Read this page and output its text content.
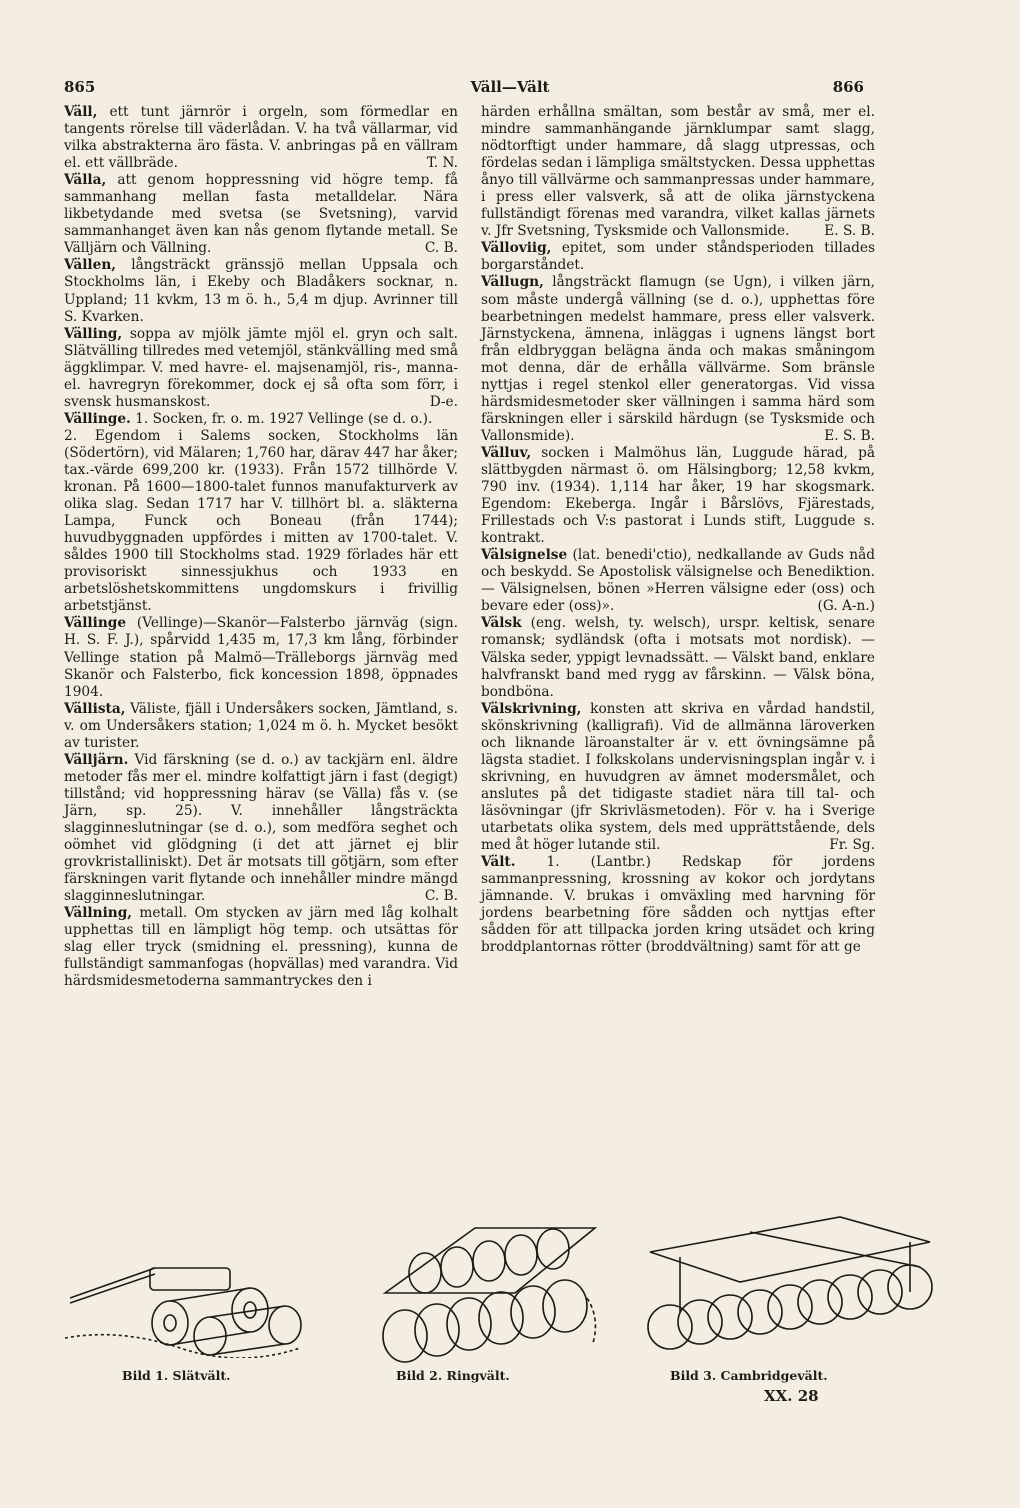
865	Väll—Vält	866

Väll, ett tunt järnrör i orgeln, som förmedlar en tangents rörelse till väderlådan. V. ha två vällarmar, vid vilka abstrakterna äro fästa. V. anbringas på en vällram el. ett vällbräde.	T. N.

Välla, att genom hoppressning vid högre temp. få sammanhang mellan fasta metalldelar. Nära likbetydande med svetsa (se Svetsning), varvid sammanhanget även kan nås genom flytande metall. Se Välljärn och Vällning.	C. B.

Vällen, långsträckt gränssjö mellan Uppsala och Stockholms län, i Ekeby och Bladåkers socknar, n. Uppland; 11 kvkm, 13 m ö. h., 5,4 m djup. Avrinner till S. Kvarken.

Välling, soppa av mjölk jämte mjöl el. gryn och salt. Slätvälling tillredes med vetemjöl, stänkvälling med små äggklimpar. V. med havre- el. majsenamjöl, ris-, manna- el. havregryn förekommer, dock ej så ofta som förr, i svensk husmanskost.	D-e.

Vällinge. 1. Socken, fr. o. m. 1927 Vellinge (se d. o.).

2. Egendom i Salems socken, Stockholms län (Södertörn), vid Mälaren; 1,760 har, därav 447 har åker; tax.-värde 699,200 kr. (1933). Från 1572 tillhörde V. kronan. På 1600—1800-talet funnos manufakturverk av olika slag. Sedan 1717 har V. tillhört bl. a. släkterna Lampa, Funck och Boneau (från 1744); huvudbyggnaden uppfördes i mitten av 1700-talet. V. såldes 1900 till Stockholms stad. 1929 förlades här ett provisoriskt sinnessjukhus och 1933 en arbetslöshetskommittens ungdomskurs i frivillig arbetstjänst.

Vällinge (Vellinge)—Skanör—Falsterbo järnväg (sign. H. S. F. J.), spårvidd 1,435 m, 17,3 km lång, förbinder Vellinge station på Malmö—Trälleborgs järnväg med Skanör och Falsterbo, fick koncession 1898, öppnades 1904.

Vällista, Väliste, fjäll i Undersåkers socken, Jämtland, s. v. om Undersåkers station; 1,024 m ö. h. Mycket besökt av turister.

Välljärn. Vid färskning (se d. o.) av tackjärn enl. äldre metoder fås mer el. mindre kolfattigt järn i fast (degigt) tillstånd; vid hoppressning härav (se Välla) fås v. (se Järn, sp. 25). V. innehåller långsträckta slagginneslutningar (se d. o.), som medföra seghet och oömhet vid glödgning (i det att järnet ej blir grovkristalliniskt). Det är motsats till götjärn, som efter färskningen varit flytande och innehåller mindre mängd slagginneslutningar.	C. B.

Vällning, metall. Om stycken av järn med låg kolhalt upphettas till en lämpligt hög temp. och utsättas för slag eller tryck (smidning el. pressning), kunna de fullständigt sammanfogas (hopvällas) med varandra. Vid härdsmidesmetoderna sammantryckes den i

härden erhållna smältan, som består av små, mer el. mindre sammanhängande järnklumpar samt slagg, nödtorftigt under hammare, då slagg utpressas, och fördelas sedan i lämpliga smältstycken. Dessa upphettas ånyo till vällvärme och sammanpressas under hammare, i press eller valsverk, så att de olika järnstyckena fullständigt förenas med varandra, vilket kallas järnets v. Jfr Svetsning, Tysksmide och Vallonsmide.	E. S. B.

Välloviig, epitet, som under ståndsperioden tillades borgarståndet.

Vällugn, långsträckt flamugn (se Ugn), i vilken järn, som måste undergå vällning (se d. o.), upphettas före bearbetningen medelst hammare, press eller valsverk. Järnstyckena, ämnena, inläggas i ugnens längst bort från eldbryggan belägna ända och makas småningom mot denna, där de erhålla vällvärme. Som bränsle nyttjas i regel stenkol eller generatorgas. Vid vissa härdsmidesmetoder sker vällningen i samma härd som färskningen eller i särskild härdugn (se Tysksmide och Vallonsmide).	E. S. B.

Välluv, socken i Malmöhus län, Luggude härad, på slättbygden närmast ö. om Hälsingborg; 12,58 kvkm, 790 inv. (1934). 1,114 har åker, 19 har skogsmark. Egendom: Ekeberga. Ingår i Bårslövs, Fjärestads, Frillestads och V:s pastorat i Lunds stift, Luggude s. kontrakt.

Välsignelse (lat. benedi'ctio), nedkallande av Guds nåd och beskydd. Se Apostolisk välsignelse och Benediktion. — Välsignelsen, bönen »Herren välsigne eder (oss) och bevare eder (oss)».	(G. A-n.)

Välsk (eng. welsh, ty. welsch), urspr. keltisk, senare romansk; sydländsk (ofta i motsats mot nordisk). — Välska seder, yppigt levnadssätt. — Välskt band, enklare halvfranskt band med rygg av fårskinn. — Välsk böna, bondböna.

Välskrivning, konsten att skriva en vårdad handstil, skönskrivning (kalligrafi). Vid de allmänna läroverken och liknande läroanstalter är v. ett övningsämne på lägsta stadiet. I folkskolans undervisningsplan ingår v. i skrivning, en huvudgren av ämnet modersmålet, och anslutes på det tidigaste stadiet nära till tal- och läsövningar (jfr Skrivläsmetoden). För v. ha i Sverige utarbetats olika system, dels med upprättstående, dels med åt höger lutande stil.	Fr. Sg.

Vält. 1. (Lantbr.) Redskap för jordens sammanpressning, krossning av kokor och jordytans jämnande. V. brukas i omväxling med harvning för jordens bearbetning före sådden och nyttjas efter sådden för att tillpacka jorden kring utsädet och kring broddplantornas rötter (broddvältning) samt för att ge

Bild 1. Slätvält.	Bild 2. Ringvält.	Bild 3. Cambridgevält.
XX. 28
